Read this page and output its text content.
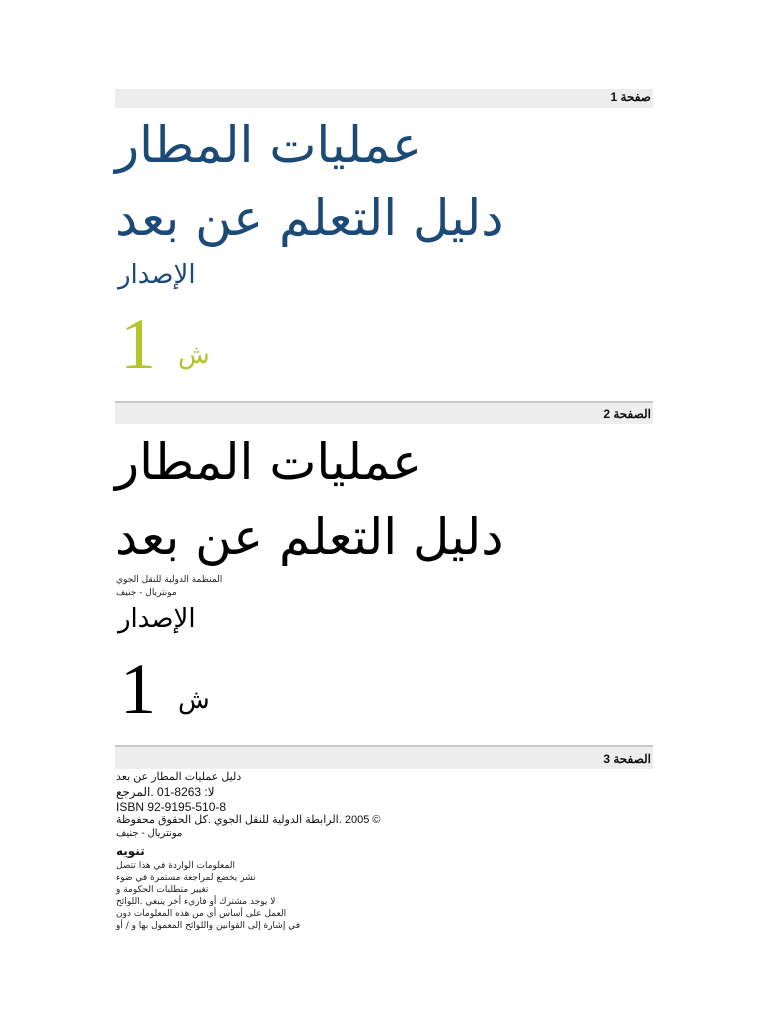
صفحة 1
عمليات المطار
دليل التعلم عن بعد
الإصدار
1 ش
الصفحة 2
عمليات المطار
دليل التعلم عن بعد
المنظمة الدولية للنقل الجوي
مونتريال - جنيف
الإصدار
1 ش
الصفحة 3
دليل عمليات المطار عن بعد
لا: 8263-01 .المرجع
ISBN 92-9195-510-8
© 2005 .الرابطة الدولية للنقل الجوي .كل الحقوق محفوظة
مونتريال - جنيف
تنويه
المعلومات الواردة في هذا تتصل
نشر يخضع لمراجعة مستمرة في ضوء
تغيير متطلبات الحكومة و
لا يوجد مشترك أو فاريء أخر ينبغي .اللوائح
العمل على أساس أي من هذه المعلومات دون
في إشارة إلى القوانين واللوائح المعمول بها و / أو
